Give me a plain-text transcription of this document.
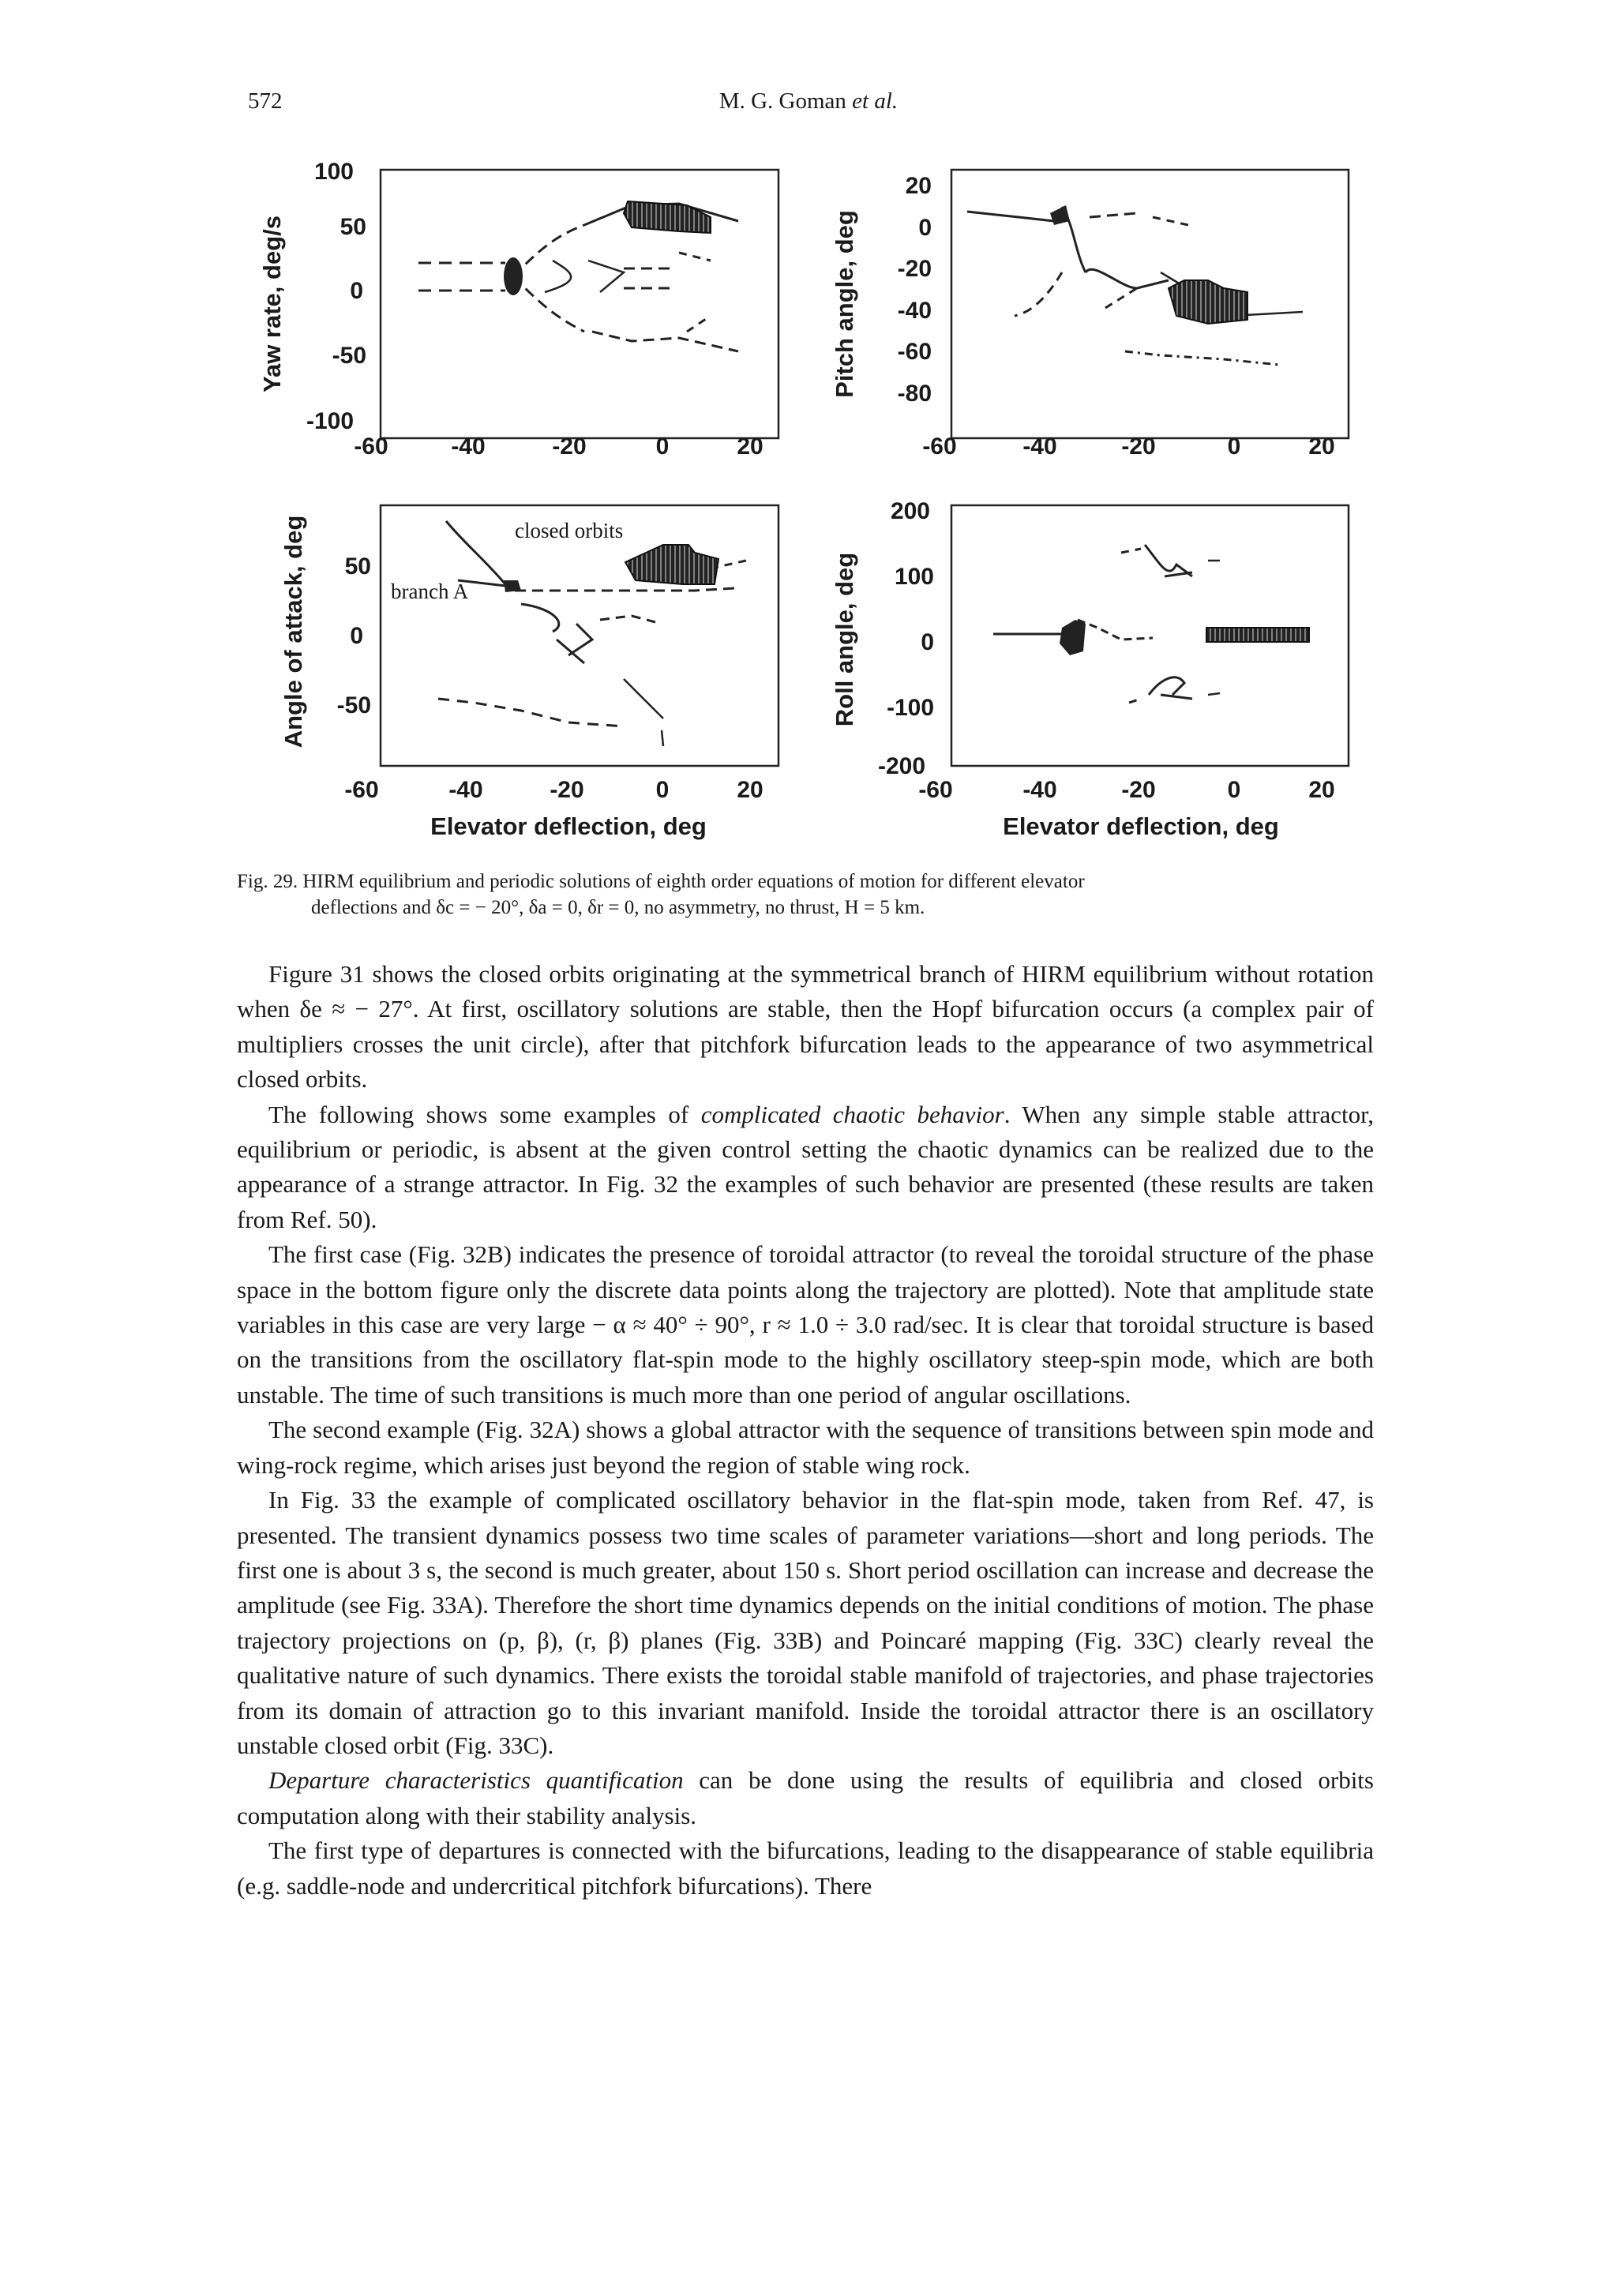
572	M. G. Goman et al.
Yaw rate, deg/s
100
50
0
-50
-100
-60	-40	-20	0	20
Pitch angle, deg
20
0
-20
-40
-60
-80
-60	-40	-20	0	20
Angle of attack, deg 50
0
-50
-60	-40	-20	0	20
Elevator deflection, deg
closed orbits
branch A	Roll angle, deg
200
100
0
-100
-200
-60	-40	-20	0	20
Elevator deflection, deg
Fig. 29. HIRM equilibrium and periodic solutions of eighth order equations of motion for different elevator
deflections and δc = − 20°, δa = 0, δr = 0, no asymmetry, no thrust, H = 5 km.

Figure 31 shows the closed orbits originating at the symmetrical branch of HIRM equilibrium without rotation when δe ≈ − 27°. At first, oscillatory solutions are stable, then the Hopf bifurcation occurs (a complex pair of multipliers crosses the unit circle), after that pitchfork bifurcation leads to the appearance of two asymmetrical closed orbits.

The following shows some examples of complicated chaotic behavior. When any simple stable attractor, equilibrium or periodic, is absent at the given control setting the chaotic dynamics can be realized due to the appearance of a strange attractor. In Fig. 32 the examples of such behavior are presented (these results are taken from Ref. 50).

The first case (Fig. 32B) indicates the presence of toroidal attractor (to reveal the toroidal structure of the phase space in the bottom figure only the discrete data points along the trajectory are plotted). Note that amplitude state variables in this case are very large − α ≈ 40° ÷ 90°, r ≈ 1.0 ÷ 3.0 rad/sec. It is clear that toroidal structure is based on the transitions from the oscillatory flat-spin mode to the highly oscillatory steep-spin mode, which are both unstable. The time of such transitions is much more than one period of angular oscillations.

The second example (Fig. 32A) shows a global attractor with the sequence of transitions between spin mode and wing-rock regime, which arises just beyond the region of stable wing rock.

In Fig. 33 the example of complicated oscillatory behavior in the flat-spin mode, taken from Ref. 47, is presented. The transient dynamics possess two time scales of parameter variations—short and long periods. The first one is about 3 s, the second is much greater, about 150 s. Short period oscillation can increase and decrease the amplitude (see Fig. 33A). Therefore the short time dynamics depends on the initial conditions of motion. The phase trajectory projections on (p, β), (r, β) planes (Fig. 33B) and Poincaré mapping (Fig. 33C) clearly reveal the qualitative nature of such dynamics. There exists the toroidal stable manifold of trajectories, and phase trajectories from its domain of attraction go to this invariant manifold. Inside the toroidal attractor there is an oscillatory unstable closed orbit (Fig. 33C).

Departure characteristics quantification can be done using the results of equilibria and closed orbits computation along with their stability analysis.

The first type of departures is connected with the bifurcations, leading to the disappearance of stable equilibria (e.g. saddle-node and undercritical pitchfork bifurcations). There
